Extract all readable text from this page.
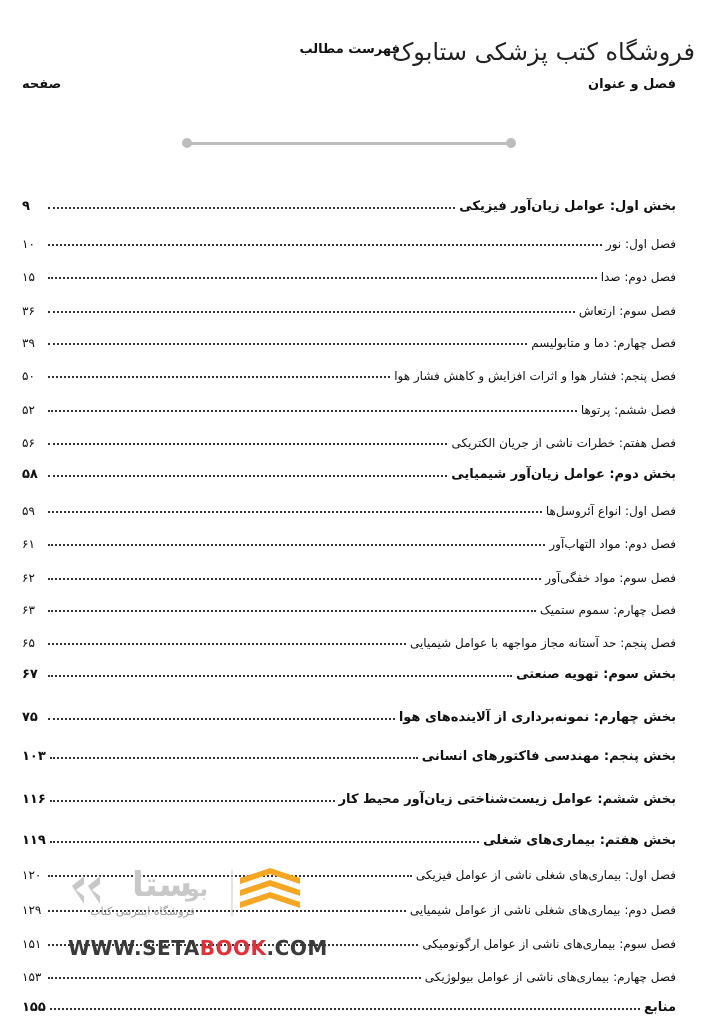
فروشگاه کتب پزشکی ستابوک
فهرست مطالب
فصل و عنوان
صفحه
بخش اول: عوامل زیان‌آور فیزیکی
۹
فصل اول: نور
۱۰
فصل دوم: صدا
۱۵
فصل سوم: ارتعاش
۳۶
فصل چهارم: دما و متابولیسم
۳۹
فصل پنجم: فشار هوا و اثرات افزایش و کاهش فشار هوا
۵۰
فصل ششم: پرتوها
۵۲
فصل هفتم: خطرات ناشی از جریان الکتریکی
۵۶
بخش دوم: عوامل زیان‌آور شیمیایی
۵۸
فصل اول: انواع آئروسل‌ها
۵۹
فصل دوم: مواد التهاب‌آور
۶۱
فصل سوم: مواد خفگی‌آور
۶۲
فصل چهارم: سموم ستمیک
۶۳
فصل پنجم: حد آستانه مجاز مواجهه با عوامل شیمیایی
۶۵
بخش سوم: تهویه صنعتی
۶۷
بخش چهارم: نمونه‌برداری از آلاینده‌های هوا
۷۵
بخش پنجم: مهندسی فاکتورهای انسانی
۱۰۳
بخش ششم: عوامل زیست‌شناختی زیان‌آور محیط کار
۱۱۶
بخش هفتم: بیماری‌های شغلی
۱۱۹
فصل اول: بیماری‌های شغلی ناشی از عوامل فیزیکی
۱۲۰
فصل دوم: بیماری‌های شغلی ناشی از عوامل شیمیایی
۱۲۹
فصل سوم: بیماری‌های ناشی از عوامل ارگونومیکی
۱۵۱
فصل چهارم: بیماری‌های ناشی از عوامل بیولوژیکی
۱۵۳
منابع
۱۵۵
ستا
بو
فروشگاه اینترنتی کتاب
WWW.SETABOOK.COM
